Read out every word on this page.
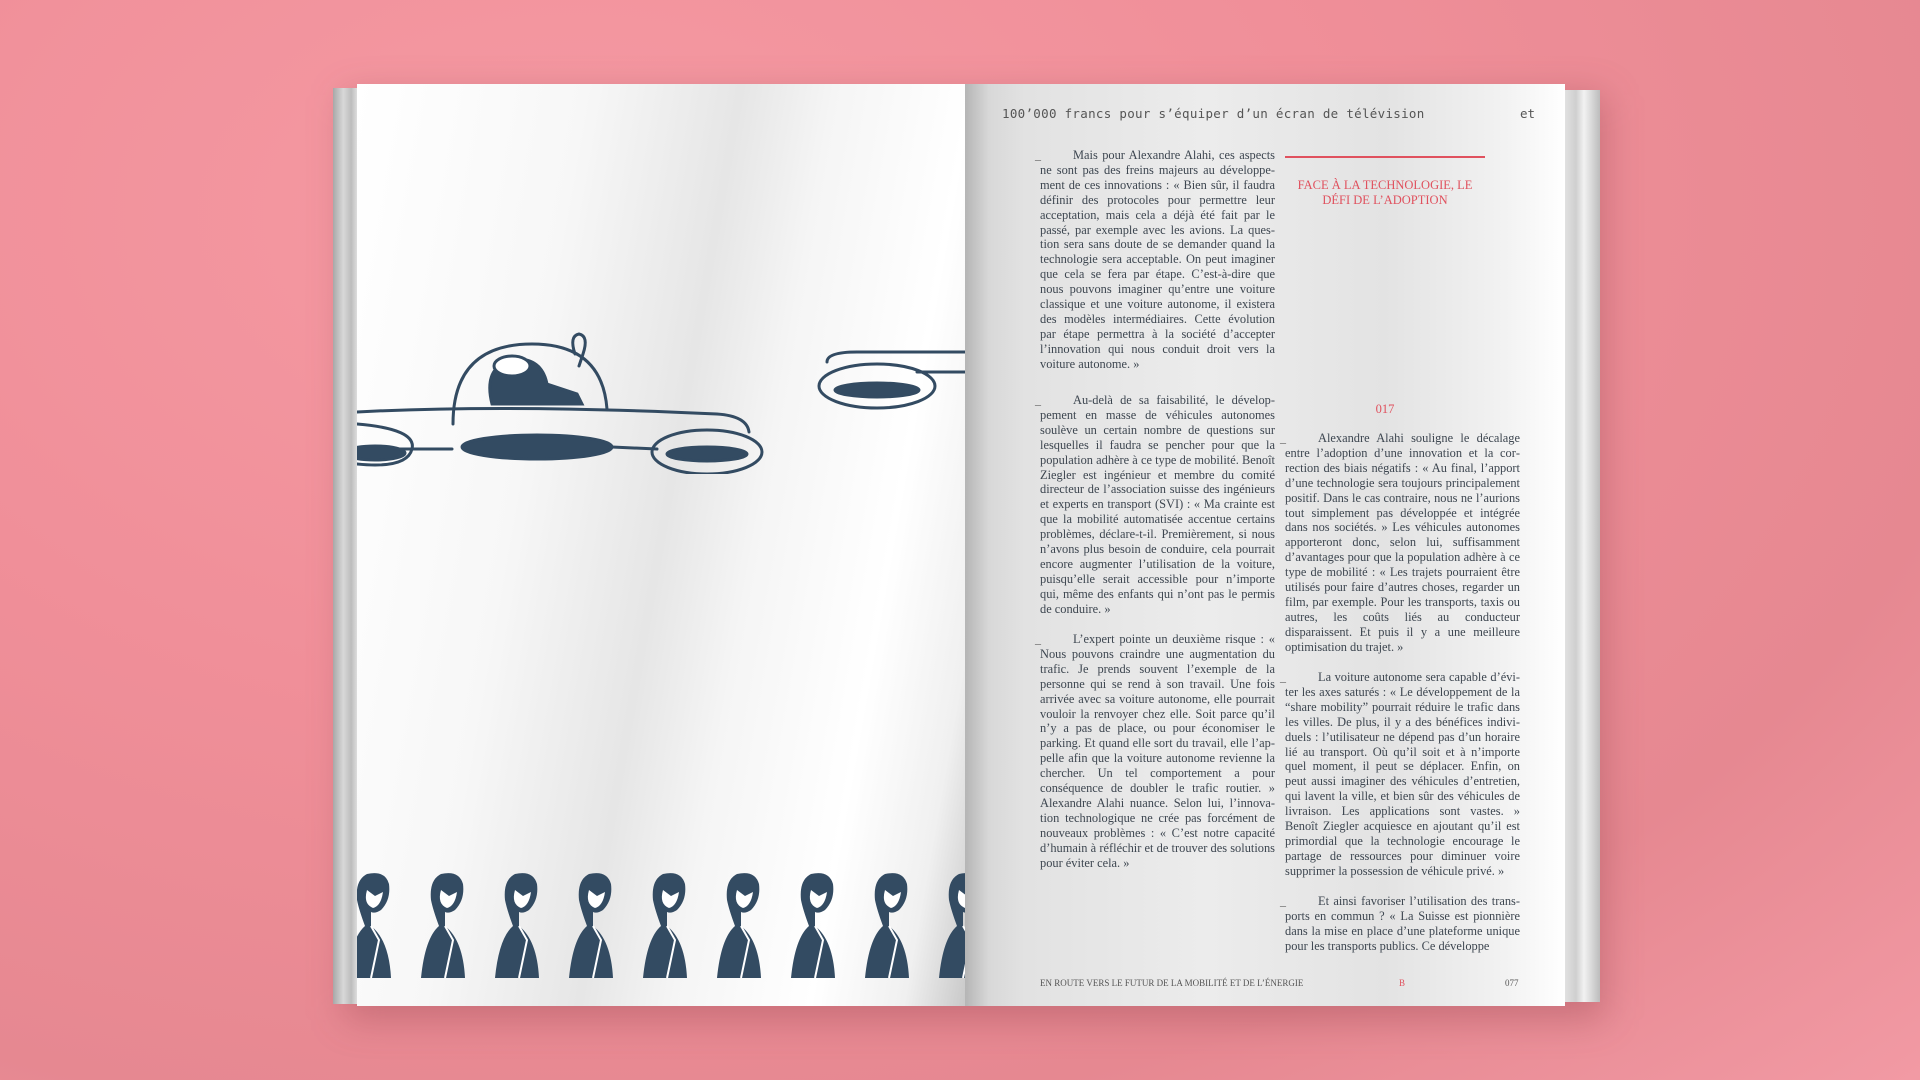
100’000 francs pour s’équiper d’un écran de télévision	et
_	Mais pour Alexandre Alahi, ces aspects ne sont pas des freins majeurs au développement de ces innovations : « Bien sûr, il faudra définir des protocoles pour permettre leur acceptation, mais cela a déjà été fait par le passé, par exemple avec les avions. La question sera sans doute de se demander quand la technologie sera acceptable. On peut imaginer que cela se fera par étape. C’est-à-dire que nous pouvons imaginer qu’entre une voiture classique et une voiture autonome, il existera des modèles intermédiaires. Cette évolution par étape permettra à la société d’accepter l’innovation qui nous conduit droit vers la voiture autonome. »
_	Au-delà de sa faisabilité, le développement en masse de véhicules autonomes soulève un certain nombre de questions sur lesquelles il faudra se pencher pour que la population adhère à ce type de mobilité. Benoît Ziegler est ingénieur et membre du comité directeur de l’association suisse des ingénieurs et experts en transport (SVI) : « Ma crainte est que la mobilité automatisée accentue certains problèmes, déclare-t-il. Premièrement, si nous n’avons plus besoin de conduire, cela pourrait encore augmenter l’utilisation de la voiture, puisqu’elle serait accessible pour n’importe qui, même des enfants qui n’ont pas le permis de conduire. »
_	L’expert pointe un deuxième risque : « Nous pouvons craindre une augmentation du trafic. Je prends souvent l’exemple de la personne qui se rend à son travail. Une fois arrivée avec sa voiture autonome, elle pourrait vouloir la renvoyer chez elle. Soit parce qu’il n’y a pas de place, ou pour économiser le parking. Et quand elle sort du travail, elle l’appelle afin que la voiture autonome revienne la chercher. Un tel comportement a pour conséquence de doubler le trafic routier. » Alexandre Alahi nuance. Selon lui, l’innovation technologique ne crée pas forcément de nouveaux problèmes : « C’est notre capacité d’humain à réfléchir et de trouver des solutions pour éviter cela. »
FACE À LA TECHNOLOGIE, LE DÉFI DE L’ADOPTION
017
_	Alexandre Alahi souligne le décalage entre l’adoption d’une innovation et la correction des biais négatifs : « Au final, l’apport d’une technologie sera toujours principalement positif. Dans le cas contraire, nous ne l’aurions tout simplement pas développée et intégrée dans nos sociétés. » Les véhicules autonomes apporteront donc, selon lui, suffisamment d’avantages pour que la population adhère à ce type de mobilité : « Les trajets pourraient être utilisés pour faire d’autres choses, regarder un film, par exemple. Pour les transports, taxis ou autres, les coûts liés au conducteur disparaissent. Et puis il y a une meilleure optimisation du trajet. »
_	La voiture autonome sera capable d’éviter les axes saturés : « Le développement de la “share mobility” pourrait réduire le trafic dans les villes. De plus, il y a des bénéfices individuels : l’utilisateur ne dépend pas d’un horaire lié au transport. Où qu’il soit et à n’importe quel moment, il peut se déplacer. Enfin, on peut aussi imaginer des véhicules d’entretien, qui lavent la ville, et bien sûr des véhicules de livraison. Les applications sont vastes. » Benoît Ziegler acquiesce en ajoutant qu’il est primordial que la technologie encourage le partage de ressources pour diminuer voire supprimer la possession de véhicule privé. »
_	Et ainsi favoriser l’utilisation des transports en commun ? « La Suisse est pionnière dans la mise en place d’une plateforme unique pour les transports publics. Ce développe
EN ROUTE VERS LE FUTUR DE LA MOBILITÉ ET DE L’ÉNERGIE	B	077
